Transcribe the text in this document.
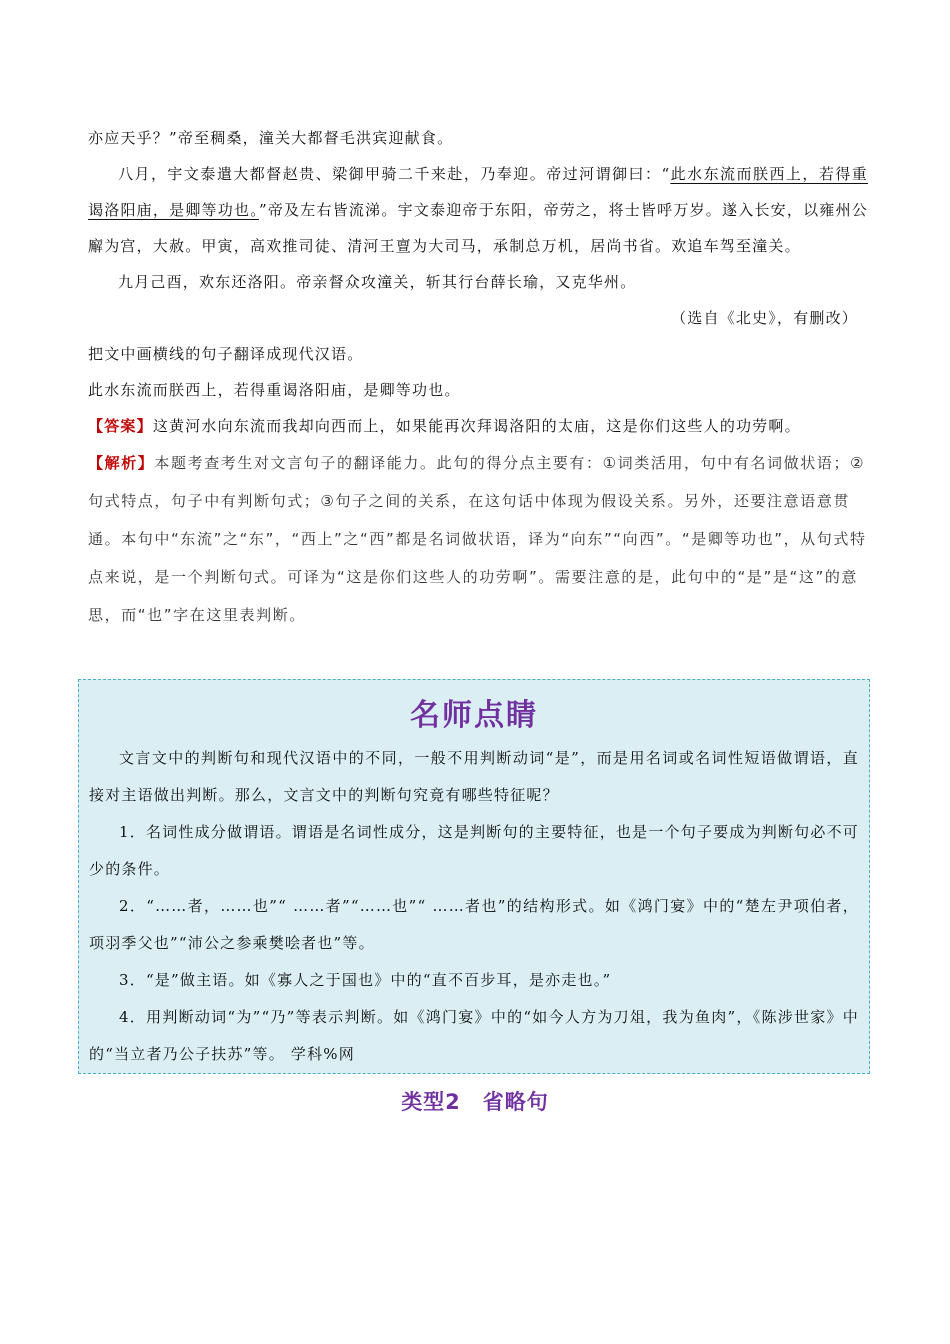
亦应天乎？”帝至稠桑，潼关大都督毛洪宾迎献食。

八月，宇文泰遣大都督赵贵、梁御甲骑二千来赴，乃奉迎。帝过河谓御曰：“此水东流而朕西上，若得重谒洛阳庙，是卿等功也。”帝及左右皆流涕。宇文泰迎帝于东阳，帝劳之，将士皆呼万岁。遂入长安，以雍州公廨为宫，大赦。甲寅，高欢推司徒、清河王亶为大司马，承制总万机，居尚书省。欢追车驾至潼关。

九月己酉，欢东还洛阳。帝亲督众攻潼关，斩其行台薛长瑜，又克华州。

（选自《北史》，有删改）

把文中画横线的句子翻译成现代汉语。

此水东流而朕西上，若得重谒洛阳庙，是卿等功也。

【答案】这黄河水向东流而我却向西而上，如果能再次拜谒洛阳的太庙，这是你们这些人的功劳啊。

【解析】本题考查考生对文言句子的翻译能力。此句的得分点主要有：①词类活用，句中有名词做状语；②句式特点，句子中有判断句式；③句子之间的关系，在这句话中体现为假设关系。另外，还要注意语意贯通。本句中“东流”之“东”，“西上”之“西”都是名词做状语，译为“向东”“向西”。“是卿等功也”，从句式特点来说，是一个判断句式。可译为“这是你们这些人的功劳啊”。需要注意的是，此句中的“是”是“这”的意思，而“也”字在这里表判断。

名师点睛

文言文中的判断句和现代汉语中的不同，一般不用判断动词“是”，而是用名词或名词性短语做谓语，直接对主语做出判断。那么，文言文中的判断句究竟有哪些特征呢？

1．名词性成分做谓语。谓语是名词性成分，这是判断句的主要特征，也是一个句子要成为判断句必不可少的条件。

2．“……者，……也”“ ……者”“……也”“ ……者也”的结构形式。如《鸿门宴》中的“楚左尹项伯者，项羽季父也”“沛公之参乘樊哙者也”等。

3．“是”做主语。如《寡人之于国也》中的“直不百步耳，是亦走也。”

4．用判断动词“为”“乃”等表示判断。如《鸿门宴》中的“如今人方为刀俎，我为鱼肉”，《陈涉世家》中的“当立者乃公子扶苏”等。 学科%网

类型2　省略句
